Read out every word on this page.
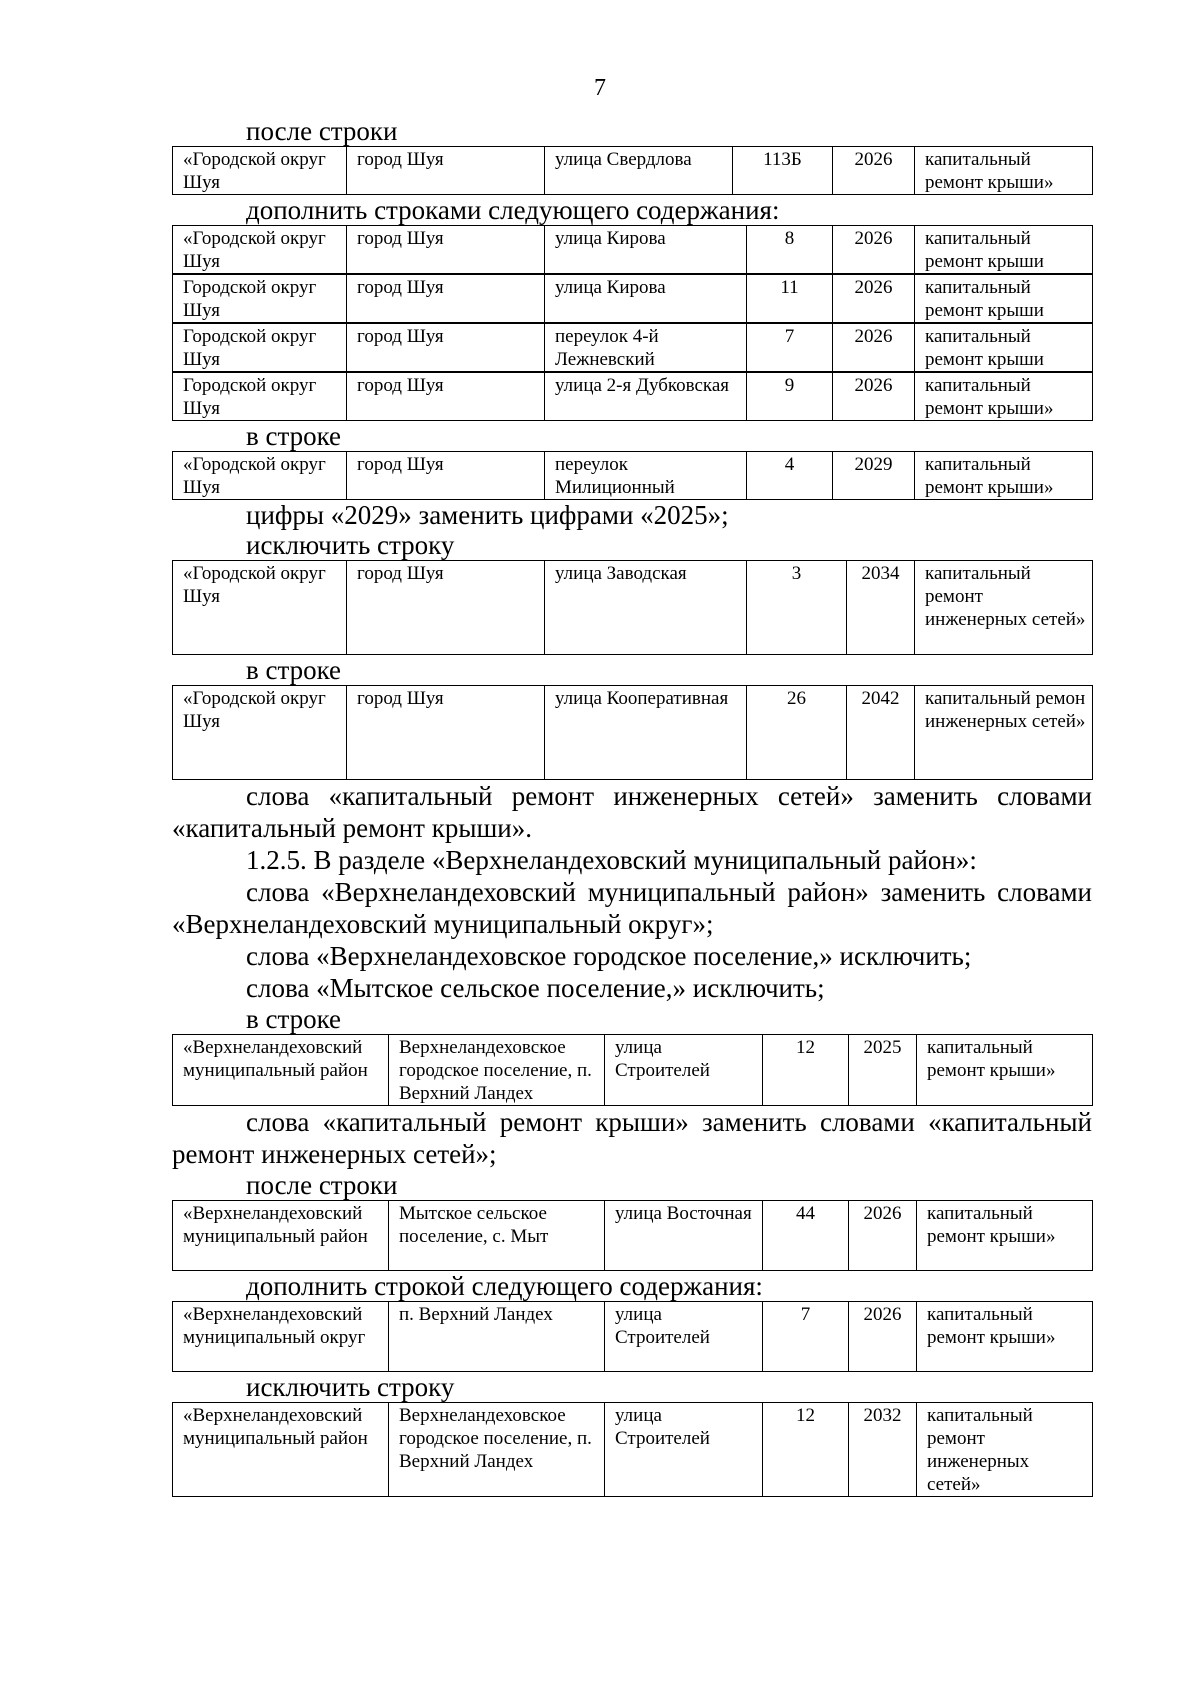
7

после строки

«Городской округ Шуя	город Шуя	улица Свердлова	113Б	2026	капитальный ремонт крыши»

дополнить строками следующего содержания:

«Городской округ Шуя	город Шуя	улица Кирова	8	2026	капитальный ремонт крыши
Городской округ Шуя	город Шуя	улица Кирова	11	2026	капитальный ремонт крыши
Городской округ Шуя	город Шуя	переулок 4-й Лежневский	7	2026	капитальный ремонт крыши
Городской округ Шуя	город Шуя	улица 2-я Дубковская	9	2026	капитальный ремонт крыши»

в строке

«Городской округ Шуя	город Шуя	переулок Милиционный	4	2029	капитальный ремонт крыши»

цифры «2029» заменить цифрами «2025»;

исключить строку

«Городской округ Шуя	город Шуя	улица Заводская	3	2034	капитальный ремонт инженерных сетей»

в строке

«Городской округ Шуя	город Шуя	улица Кооперативная	26	2042	капитальный ремон инженерных сетей»

слова «капитальный ремонт инженерных сетей» заменить словами «капитальный ремонт крыши».

1.2.5. В разделе «Верхнеландеховский муниципальный район»:

слова «Верхнеландеховский муниципальный район» заменить словами «Верхнеландеховский муниципальный округ»;

слова «Верхнеландеховское городское поселение,» исключить;

слова «Мытское сельское поселение,» исключить;

в строке

«Верхнеландеховский муниципальный район	Верхнеландеховское городское поселение, п. Верхний Ландех	улица Строителей	12	2025	капитальный ремонт крыши»

слова «капитальный ремонт крыши» заменить словами «капитальный ремонт инженерных сетей»;

после строки

«Верхнеландеховский муниципальный район	Мытское сельское поселение, с. Мыт	улица Восточная	44	2026	капитальный ремонт крыши»

дополнить строкой следующего содержания:

«Верхнеландеховский муниципальный округ	п. Верхний Ландех	улица Строителей	7	2026	капитальный ремонт крыши»

исключить строку

«Верхнеландеховский муниципальный район	Верхнеландеховское городское поселение, п. Верхний Ландех	улица Строителей	12	2032	капитальный ремонт инженерных сетей»
